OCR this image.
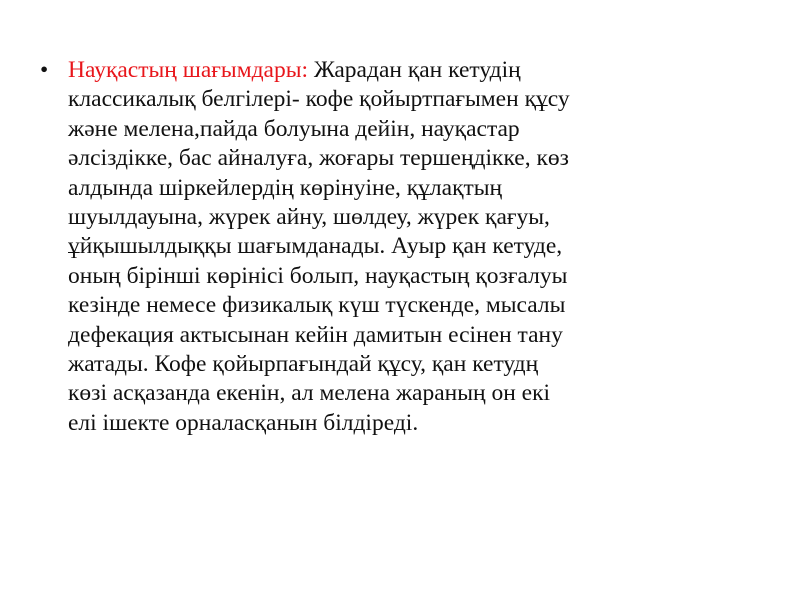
• Науқастың шағымдары: Жарадан қан кетудің
классикалық белгілері- кофе қойыртпағымен құсу
және мелена,пайда болуына дейін, науқастар
әлсіздікке, бас айналуға, жоғары тершеңдікке, көз
алдында шіркейлердің көрінуіне, құлақтың
шуылдауына, жүрек айну, шөлдеу, жүрек қағуы,
ұйқышылдыққы шағымданады. Ауыр қан кетуде,
оның бірінші көрінісі болып, науқастың қозғалуы
кезінде немесе физикалық күш түскенде, мысалы
дефекация актысынан кейін дамитын есінен тану
жатады. Кофе қойырпағындай құсу, қан кетудң
көзі асқазанда екенін, ал мелена жараның он екі
елі ішекте орналасқанын білдіреді.
